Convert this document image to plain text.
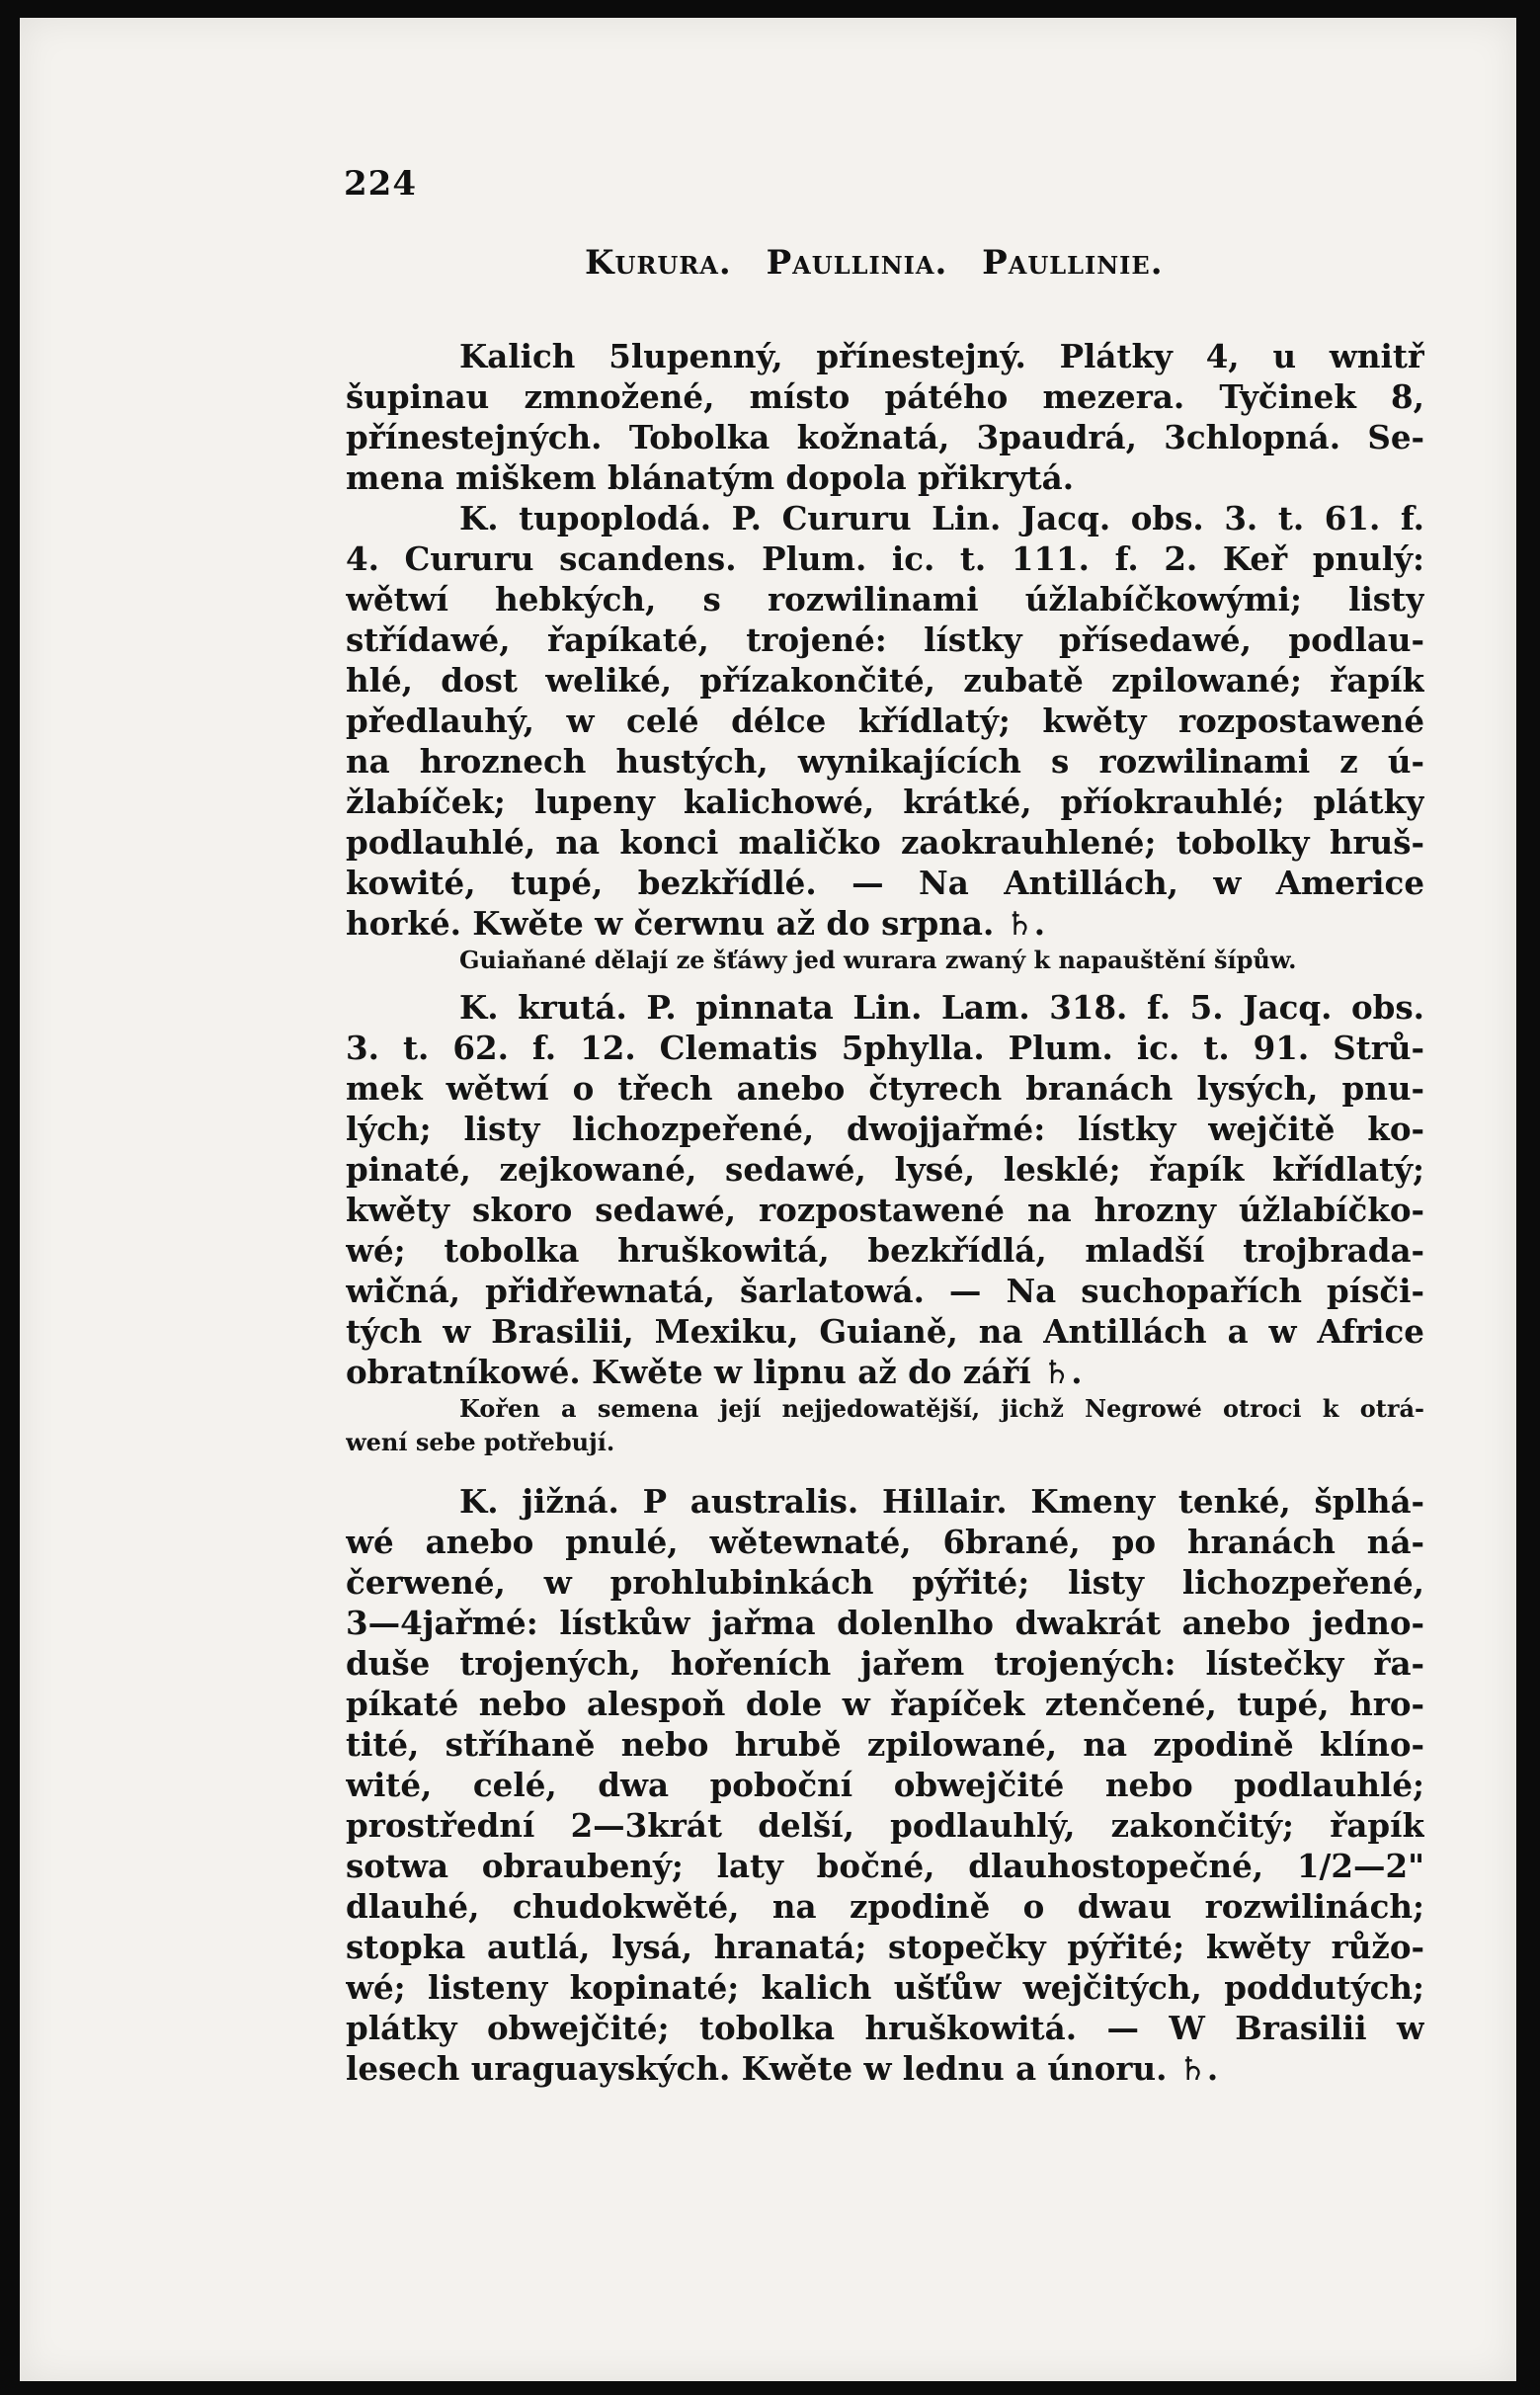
224
Kurura. Paullinia. Paullinie.
Kalich 5lupenný, přínestejný. Plátky 4, u wnitř
šupinau zmnožené, místo pátého mezera. Tyčinek 8,
přínestejných. Tobolka kožnatá, 3paudrá, 3chlopná. Se-
mena miškem blánatým dopola přikrytá.
K. tupoplodá. P. Cururu Lin. Jacq. obs. 3. t. 61. f.
4. Cururu scandens. Plum. ic. t. 111. f. 2. Keř pnulý:
wětwí hebkých, s rozwilinami úžlabíčkowými; listy
střídawé, řapíkaté, trojené: lístky přísedawé, podlau-
hlé, dost weliké, přízakončité, zubatě zpilowané; řapík
předlauhý, w celé délce křídlatý; kwěty rozpostawené
na hroznech hustých, wynikajících s rozwilinami z ú-
žlabíček; lupeny kalichowé, krátké, příokrauhlé; plátky
podlauhlé, na konci maličko zaokrauhlené; tobolky hruš-
kowité, tupé, bezkřídlé. — Na Antillách, w Americe
horké. Kwěte w čerwnu až do srpna. ♄.
Guiaňané dělají ze šťáwy jed wurara zwaný k napauštění šípůw.
K. krutá. P. pinnata Lin. Lam. 318. f. 5. Jacq. obs.
3. t. 62. f. 12. Clematis 5phylla. Plum. ic. t. 91. Strů-
mek wětwí o třech anebo čtyrech branách lysých, pnu-
lých; listy lichozpeřené, dwojjařmé: lístky wejčitě ko-
pinaté, zejkowané, sedawé, lysé, lesklé; řapík křídlatý;
kwěty skoro sedawé, rozpostawené na hrozny úžlabíčko-
wé; tobolka hruškowitá, bezkřídlá, mladší trojbrada-
wičná, přidřewnatá, šarlatowá. — Na suchopařích písči-
tých w Brasilii, Mexiku, Guianě, na Antillách a w Africe
obratníkowé. Kwěte w lipnu až do září ♄.
Kořen a semena její nejjedowatější, jichž Negrowé otroci k otrá-
wení sebe potřebují.
K. jižná. P australis. Hillair. Kmeny tenké, šplhá-
wé anebo pnulé, wětewnaté, 6brané, po hranách ná-
čerwené, w prohlubinkách pýřité; listy lichozpeřené,
3—4jařmé: lístkůw jařma dolenlho dwakrát anebo jedno-
duše trojených, hořeních jařem trojených: lístečky řa-
píkaté nebo alespoň dole w řapíček ztenčené, tupé, hro-
tité, stříhaně nebo hrubě zpilowané, na zpodině klíno-
wité, celé, dwa poboční obwejčité nebo podlauhlé;
prostřední 2—3krát delší, podlauhlý, zakončitý; řapík
sotwa obraubený; laty bočné, dlauhostopečné, 1/2—2"
dlauhé, chudokwěté, na zpodině o dwau rozwilinách;
stopka autlá, lysá, hranatá; stopečky pýřité; kwěty růžo-
wé; listeny kopinaté; kalich ušťůw wejčitých, poddutých;
plátky obwejčité; tobolka hruškowitá. — W Brasilii w
lesech uraguayských. Kwěte w lednu a únoru. ♄.
